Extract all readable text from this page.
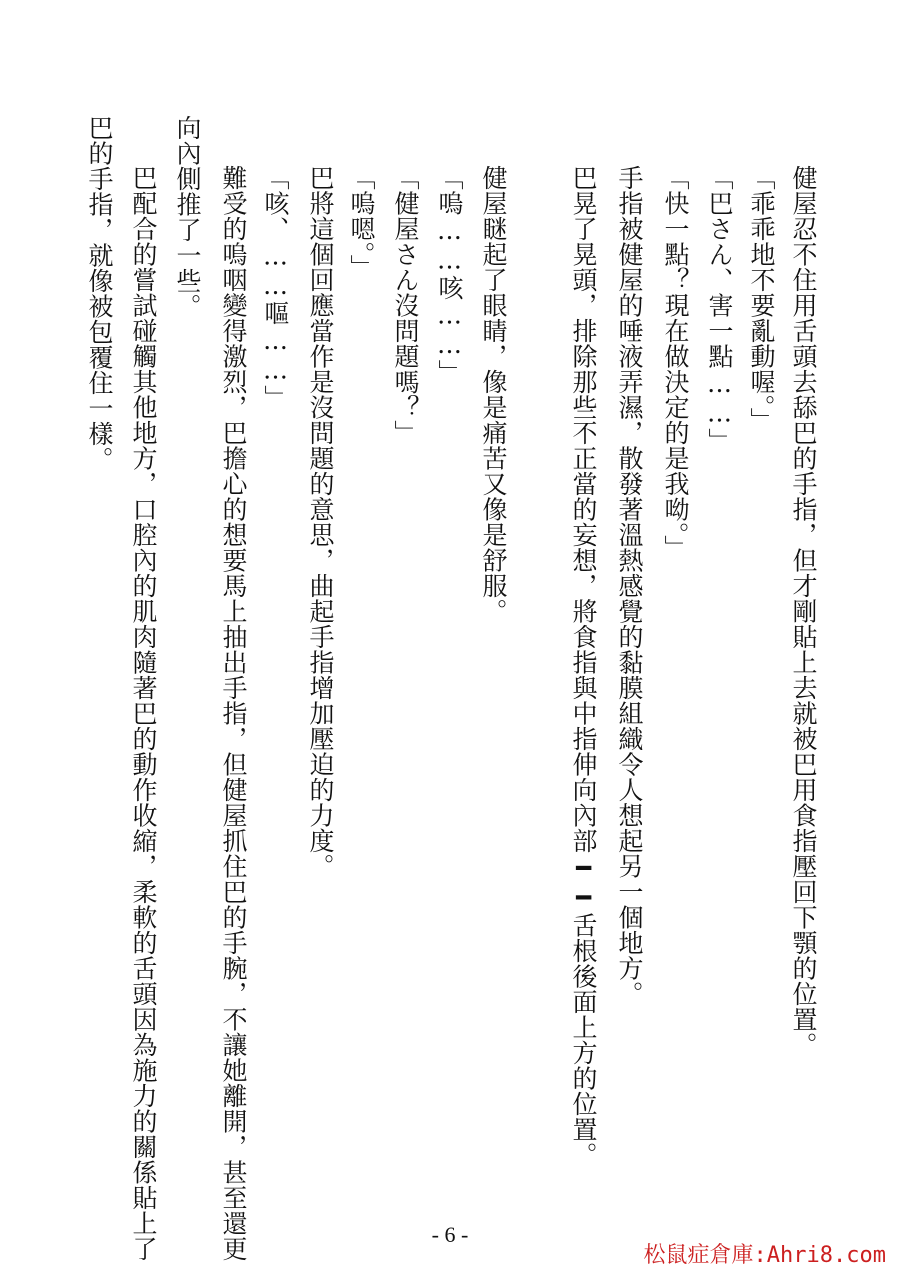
健屋忍不住用舌頭去舔巴的手指，但才剛貼上去就被巴用食指壓回下顎的位置。
「乖乖地不要亂動喔。」
「巴さん、害一點……」
「快一點？現在做決定的是我呦。」
手指被健屋的唾液弄濕，散發著溫熱感覺的黏膜組織令人想起另一個地方。
巴晃了晃頭，排除那些不正當的妄想，將食指與中指伸向內部━━舌根後面上方的位置。
健屋瞇起了眼睛，像是痛苦又像是舒服。
「嗚……咳……」
「健屋さん沒問題嗎？」
「嗚嗯。」
巴將這個回應當作是沒問題的意思，曲起手指增加壓迫的力度。
「咳、……嘔……」
難受的嗚咽變得激烈，巴擔心的想要馬上抽出手指，但健屋抓住巴的手腕，不讓她離開，甚至還更
向內側推了一些。
巴配合的嘗試碰觸其他地方，口腔內的肌肉隨著巴的動作收縮，柔軟的舌頭因為施力的關係貼上了
巴的手指，就像被包覆住一樣。
- 6 -
松鼠症倉庫:Ahri8.com
